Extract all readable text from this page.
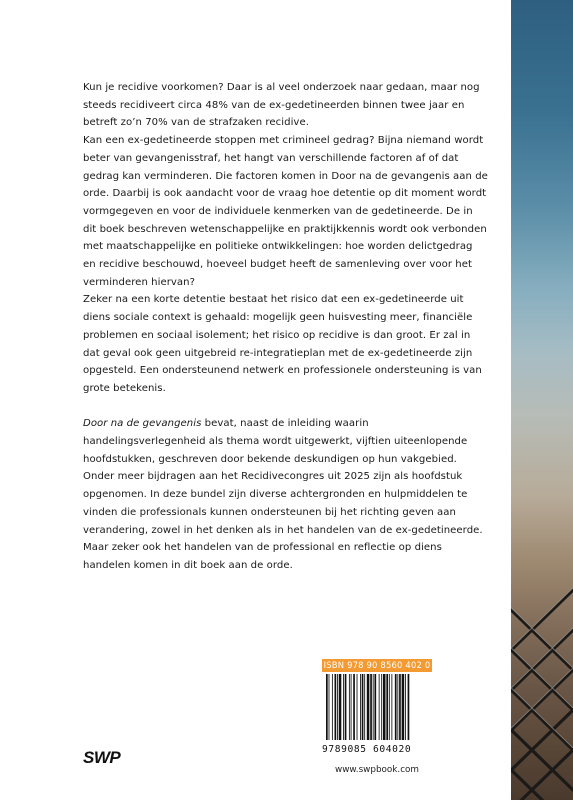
Kun je recidive voorkomen? Daar is al veel onderzoek naar gedaan, maar nog steeds recidiveert circa 48% van de ex-gedetineerden binnen twee jaar en betreft zo’n 70% van de strafzaken recidive.

Kan een ex-gedetineerde stoppen met crimineel gedrag? Bijna niemand wordt beter van gevangenisstraf, het hangt van verschillende factoren af of dat gedrag kan verminderen. Die factoren komen in Door na de gevangenis aan de orde. Daarbij is ook aandacht voor de vraag hoe detentie op dit moment wordt vormgegeven en voor de individuele kenmerken van de gedetineerde. De in dit boek beschreven wetenschappelijke en praktijkkennis wordt ook verbonden met maatschappelijke en politieke ontwikkelingen: hoe worden delictgedrag en recidive beschouwd, hoeveel budget heeft de samenleving over voor het verminderen hiervan?

Zeker na een korte detentie bestaat het risico dat een ex-gedetineerde uit diens sociale context is gehaald: mogelijk geen huisvesting meer, financiële problemen en sociaal isolement; het risico op recidive is dan groot. Er zal in dat geval ook geen uitgebreid re-integratieplan met de ex-gedetineerde zijn opgesteld. Een ondersteunend netwerk en professionele ondersteuning is van grote betekenis.

Door na de gevangenis bevat, naast de inleiding waarin handelingsverlegenheid als thema wordt uitgewerkt, vijftien uiteenlopende hoofdstukken, geschreven door bekende deskundigen op hun vakgebied. Onder meer bijdragen aan het Recidivecongres uit 2025 zijn als hoofdstuk opgenomen. In deze bundel zijn diverse achtergronden en hulpmiddelen te vinden die professionals kunnen ondersteunen bij het richting geven aan verandering, zowel in het denken als in het handelen van de ex-gedetineerde. Maar zeker ook het handelen van de professional en reflectie op diens handelen komen in dit boek aan de orde.

ISBN 978 90 8560 402 0
9789085 604020
www.swpbook.com
SWP
